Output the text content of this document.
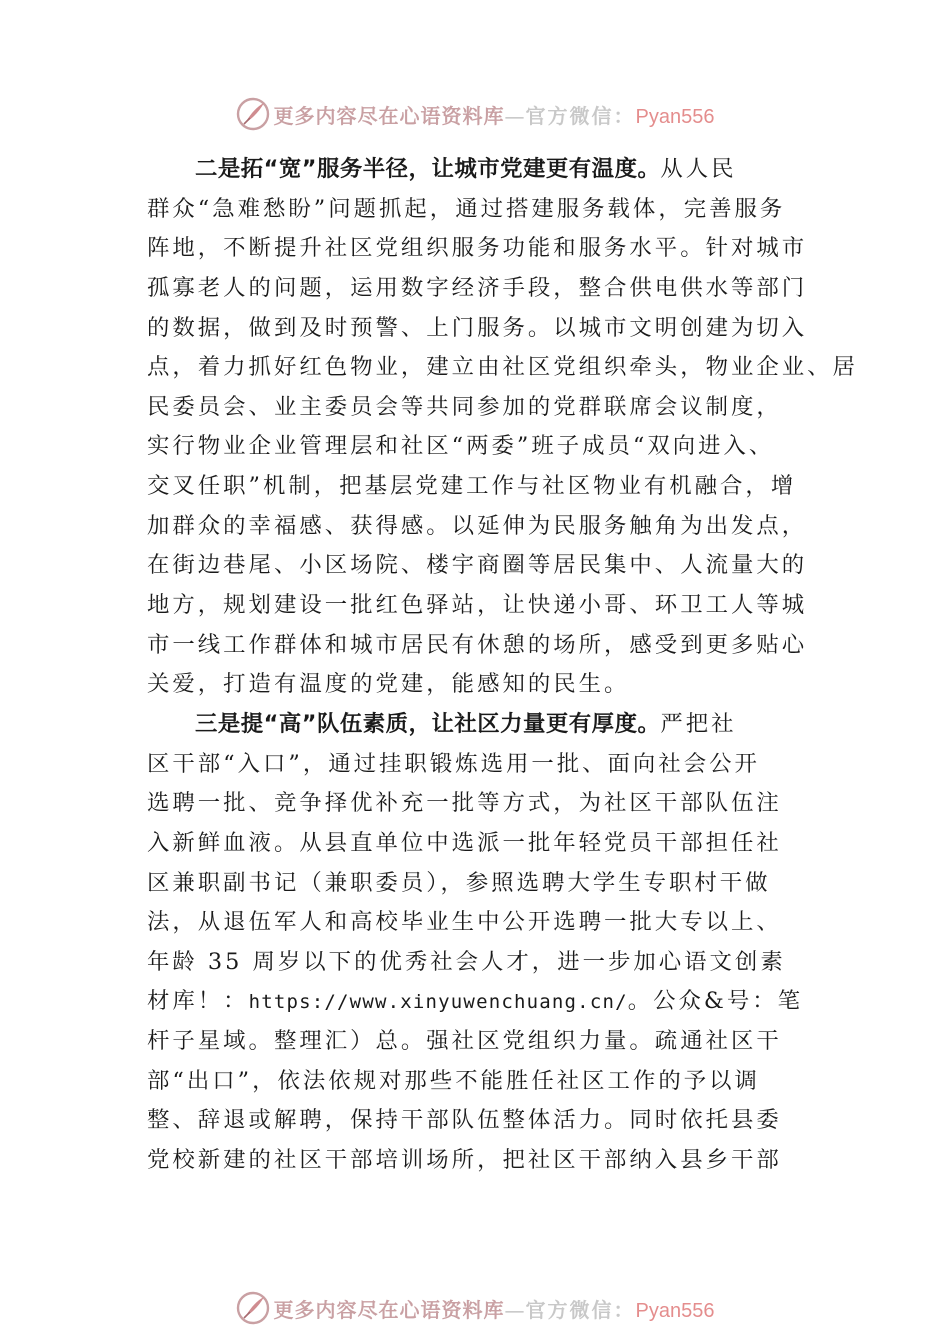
更多内容尽在心语资料库—官方微信：Pyan556
二是拓“宽”服务半径，让城市党建更有温度。从人民
群众“急难愁盼”问题抓起，通过搭建服务载体，完善服务
阵地，不断提升社区党组织服务功能和服务水平。针对城市
孤寡老人的问题，运用数字经济手段，整合供电供水等部门
的数据，做到及时预警、上门服务。以城市文明创建为切入
点，着力抓好红色物业，建立由社区党组织牵头，物业企业、居
民委员会、业主委员会等共同参加的党群联席会议制度，
实行物业企业管理层和社区“两委”班子成员“双向进入、
交叉任职”机制，把基层党建工作与社区物业有机融合，增
加群众的幸福感、获得感。以延伸为民服务触角为出发点，
在街边巷尾、小区场院、楼宇商圈等居民集中、人流量大的
地方，规划建设一批红色驿站，让快递小哥、环卫工人等城
市一线工作群体和城市居民有休憩的场所，感受到更多贴心
关爱，打造有温度的党建，能感知的民生。
三是提“高”队伍素质，让社区力量更有厚度。严把社
区干部“入口”，通过挂职锻炼选用一批、面向社会公开
选聘一批、竞争择优补充一批等方式，为社区干部队伍注
入新鲜血液。从县直单位中选派一批年轻党员干部担任社
区兼职副书记（兼职委员），参照选聘大学生专职村干做
法，从退伍军人和高校毕业生中公开选聘一批大专以上、
年龄 35 周岁以下的优秀社会人才，进一步加心语文创素
材库！：https://www.xinyuwenchuang.cn/。公众&号：笔
杆子星域。整理汇）总。强社区党组织力量。疏通社区干
部“出口”，依法依规对那些不能胜任社区工作的予以调
整、辞退或解聘，保持干部队伍整体活力。同时依托县委
党校新建的社区干部培训场所，把社区干部纳入县乡干部
更多内容尽在心语资料库—官方微信：Pyan556
